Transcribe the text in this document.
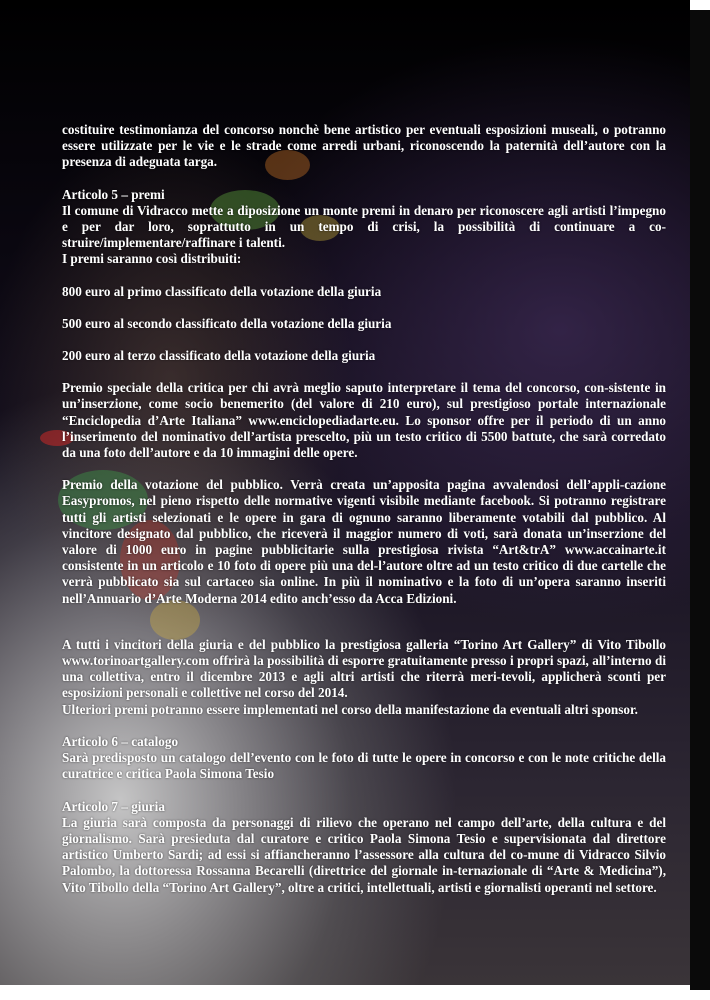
costituire testimonianza del concorso nonchè bene artistico per eventuali esposizioni museali, o potranno essere utilizzate per le vie e le strade come arredi urbani, riconoscendo la paternità dell’autore con la presenza di adeguata targa.

Articolo 5 – premi

Il comune di Vidracco mette a diposizione un monte premi in denaro per riconoscere agli artisti l’impegno e per dar loro, soprattutto in un tempo di crisi, la possibilità di continuare a co-struire/implementare/raffinare i talenti.

I premi saranno così distribuiti:

800 euro al primo classificato della votazione della giuria

500 euro al secondo classificato della votazione della giuria

200 euro al terzo classificato della votazione della giuria

Premio speciale della critica per chi avrà meglio saputo interpretare il tema del concorso, con-sistente in un’inserzione, come socio benemerito (del valore di 210 euro), sul prestigioso portale internazionale “Enciclopedia d’Arte Italiana” www.enciclopediadarte.eu. Lo sponsor offre per il periodo di un anno l’inserimento del nominativo dell’artista prescelto, più un testo critico di 5500 battute, che sarà corredato da una foto dell’autore e da 10 immagini delle opere.

Premio della votazione del pubblico. Verrà creata un’apposita pagina avvalendosi dell’appli-cazione Easypromos, nel pieno rispetto delle normative vigenti visibile mediante facebook. Si potranno registrare tutti gli artisti selezionati e le opere in gara di ognuno saranno liberamente votabili dal pubblico. Al vincitore designato dal pubblico, che riceverà il maggior numero di voti, sarà donata un’inserzione del valore di 1000 euro in pagine pubblicitarie sulla prestigiosa rivista “Art&trA” www.accainarte.it consistente in un articolo e 10 foto di opere più una del-l’autore oltre ad un testo critico di due cartelle che verrà pubblicato sia sul cartaceo sia online. In più il nominativo e la foto di un’opera saranno inseriti nell’Annuario d’Arte Moderna 2014 edito anch’esso da Acca Edizioni.

A tutti i vincitori della giuria e del pubblico la prestigiosa galleria “Torino Art Gallery” di Vito Tibollo www.torinoartgallery.com offrirà la possibilità di esporre gratuitamente presso i propri spazi, all’interno di una collettiva, entro il dicembre 2013 e agli altri artisti che riterrà meri-tevoli, applicherà sconti per esposizioni personali e collettive nel corso del 2014.

Ulteriori premi potranno essere implementati nel corso della manifestazione da eventuali altri sponsor.

Articolo 6 – catalogo

Sarà predisposto un catalogo dell’evento con le foto di tutte le opere in concorso e con le note critiche della curatrice e critica Paola Simona Tesio

Articolo 7 – giuria

La giuria sarà composta da personaggi di rilievo che operano nel campo dell’arte, della cultura e del giornalismo. Sarà presieduta dal curatore e critico Paola Simona Tesio e supervisionata dal direttore artistico Umberto Sardi; ad essi si affiancheranno l’assessore alla cultura del co-mune di Vidracco Silvio Palombo, la dottoressa Rossanna Becarelli (direttrice del giornale in-ternazionale di “Arte & Medicina”), Vito Tibollo della “Torino Art Gallery”, oltre a critici, intellettuali, artisti e giornalisti operanti nel settore.
